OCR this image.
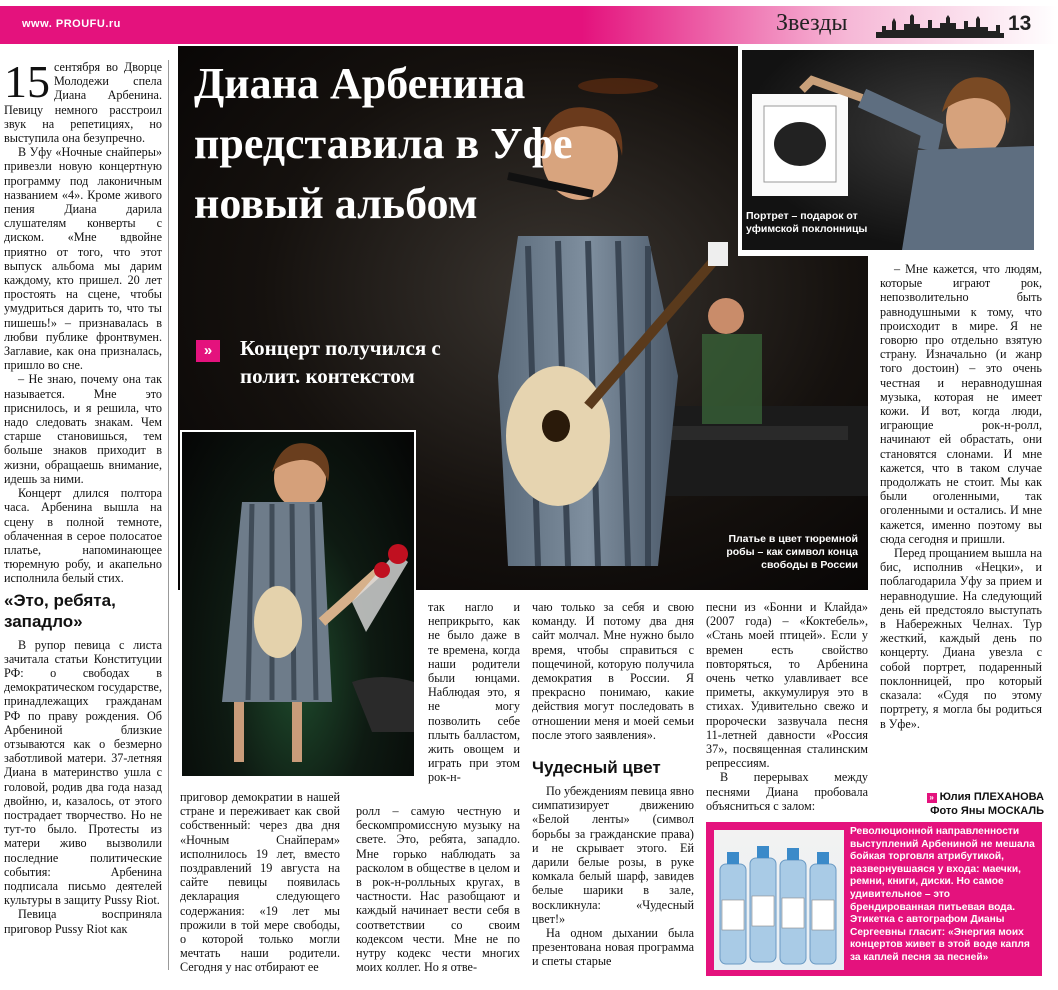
www. PROUFU.ru	Звезды	13
Диана Арбенина представила в Уфе новый альбом
»	Концерт получился с полит. контекстом
Платье в цвет тюремной робы – как символ конца свободы в России
Портрет – подарок от уфимской поклонницы
15 сентября во Дворце Молодежи спела Диана Арбенина. Певицу немного расстроил звук на репетициях, но выступила она безупречно.

В Уфу «Ночные снайперы» привезли новую концертную программу под лаконичным названием «4». Кроме живого пения Диана дарила слушателям конверты с диском. «Мне вдвойне приятно от того, что этот выпуск альбома мы дарим каждому, кто пришел. 20 лет простоять на сцене, чтобы умудриться дарить то, что ты пишешь!» – признавалась в любви публике фронтвумен. Заглавие, как она призналась, пришло во сне.

– Не знаю, почему она так называется. Мне это приснилось, и я решила, что надо следовать знакам. Чем старше становишься, тем больше знаков приходит в жизни, обращаешь внимание, идешь за ними.

Концерт длился полтора часа. Арбенина вышла на сцену в полной темноте, облаченная в серое полосатое платье, напоминающее тюремную робу, и акапельно исполнила белый стих.

«Это, ребята, западло»

В рупор певица с листа зачитала статьи Конституции РФ: о свободах в демократическом государстве, принадлежащих гражданам РФ по праву рождения. Об Арбениной близкие отзываются как о безмерно заботливой матери. 37-летняя Диана в материнство ушла с головой, родив два года назад двойню, и, казалось, от этого пострадает творчество. Но не тут-то было. Протесты из матери живо вызволили последние политические события: Арбенина подписала письмо деятелей культуры в защиту Pussy Riot.

Певица восприняла приговор Pussy Riot как

приговор демократии в нашей стране и переживает как свой собственный: через два дня «Ночным Снайперам» исполнилось 19 лет, вместо поздравлений 19 августа на сайте певицы появилась декларация следующего содержания: «19 лет мы прожили в той мере свободы, о которой только могли мечтать наши родители. Сегодня у нас отбирают ее

так нагло и неприкрыто, как не было даже в те времена, когда наши родители были юнцами. Наблюдая это, я не могу позволить себе плыть балластом, жить овощем и играть при этом рок-н-

ролл – самую честную и бескомпромиссную музыку на свете. Это, ребята, западло. Мне горько наблюдать за расколом в обществе в целом и в рок-н-ролльных кругах, в частности. Нас разобщают и каждый начинает вести себя в соответствии со своим кодексом чести. Мне не по нутру кодекс чести многих моих коллег. Но я отве-

чаю только за себя и свою команду. И потому два дня сайт молчал. Мне нужно было время, чтобы справиться с пощечиной, которую получила демократия в России. Я прекрасно понимаю, какие действия могут последовать в отношении меня и моей семьи после этого заявления».

Чудесный цвет

По убеждениям певица явно симпатизирует движению «Белой ленты» (символ борьбы за гражданские права) и не скрывает этого. Ей дарили белые розы, в руке комкала белый шарф, завидев белые шарики в зале, воскликнула: «Чудесный цвет!»

На одном дыхании была презентована новая программа и спеты старые

песни из «Бонни и Клайда» (2007 года) – «Коктебель», «Стань моей птицей». Если у времен есть свойство повторяться, то Арбенина очень четко улавливает все приметы, аккумулируя это в стихах. Удивительно свежо и пророчески зазвучала песня 11-летней давности «Россия 37», посвященная сталинским репрессиям.

В перерывах между песнями Диана пробовала объясниться с залом:

– Мне кажется, что людям, которые играют рок, непозволительно быть равнодушными к тому, что происходит в мире. Я не говорю про отдельно взятую страну. Изначально (и жанр того достоин) – это очень честная и неравнодушная музыка, которая не имеет кожи. И вот, когда люди, играющие рок-н-ролл, начинают ей обрастать, они становятся слонами. И мне кажется, что в таком случае продолжать не стоит. Мы как были оголенными, так оголенными и остались. И мне кажется, именно поэтому вы сюда сегодня и пришли.

Перед прощанием вышла на бис, исполнив «Нецки», и поблагодарила Уфу за прием и неравнодушие. На следующий день ей предстояло выступать в Набережных Челнах. Тур жесткий, каждый день по концерту. Диана увезла с собой портрет, подаренный поклонницей, про который сказала: «Судя по этому портрету, я могла бы родиться в Уфе».

» Юлия ПЛЕХАНОВА
Фото Яны МОСКАЛЬ
Революционной направленности выступлений Арбениной не мешала бойкая торговля атрибутикой, развернувшаяся у входа: маечки, ремни, книги, диски. Но самое удивительное – это брендированная питьевая вода. Этикетка с автографом Дианы Сергеевны гласит: «Энергия моих концертов живет в этой воде капля за каплей песня за песней»
